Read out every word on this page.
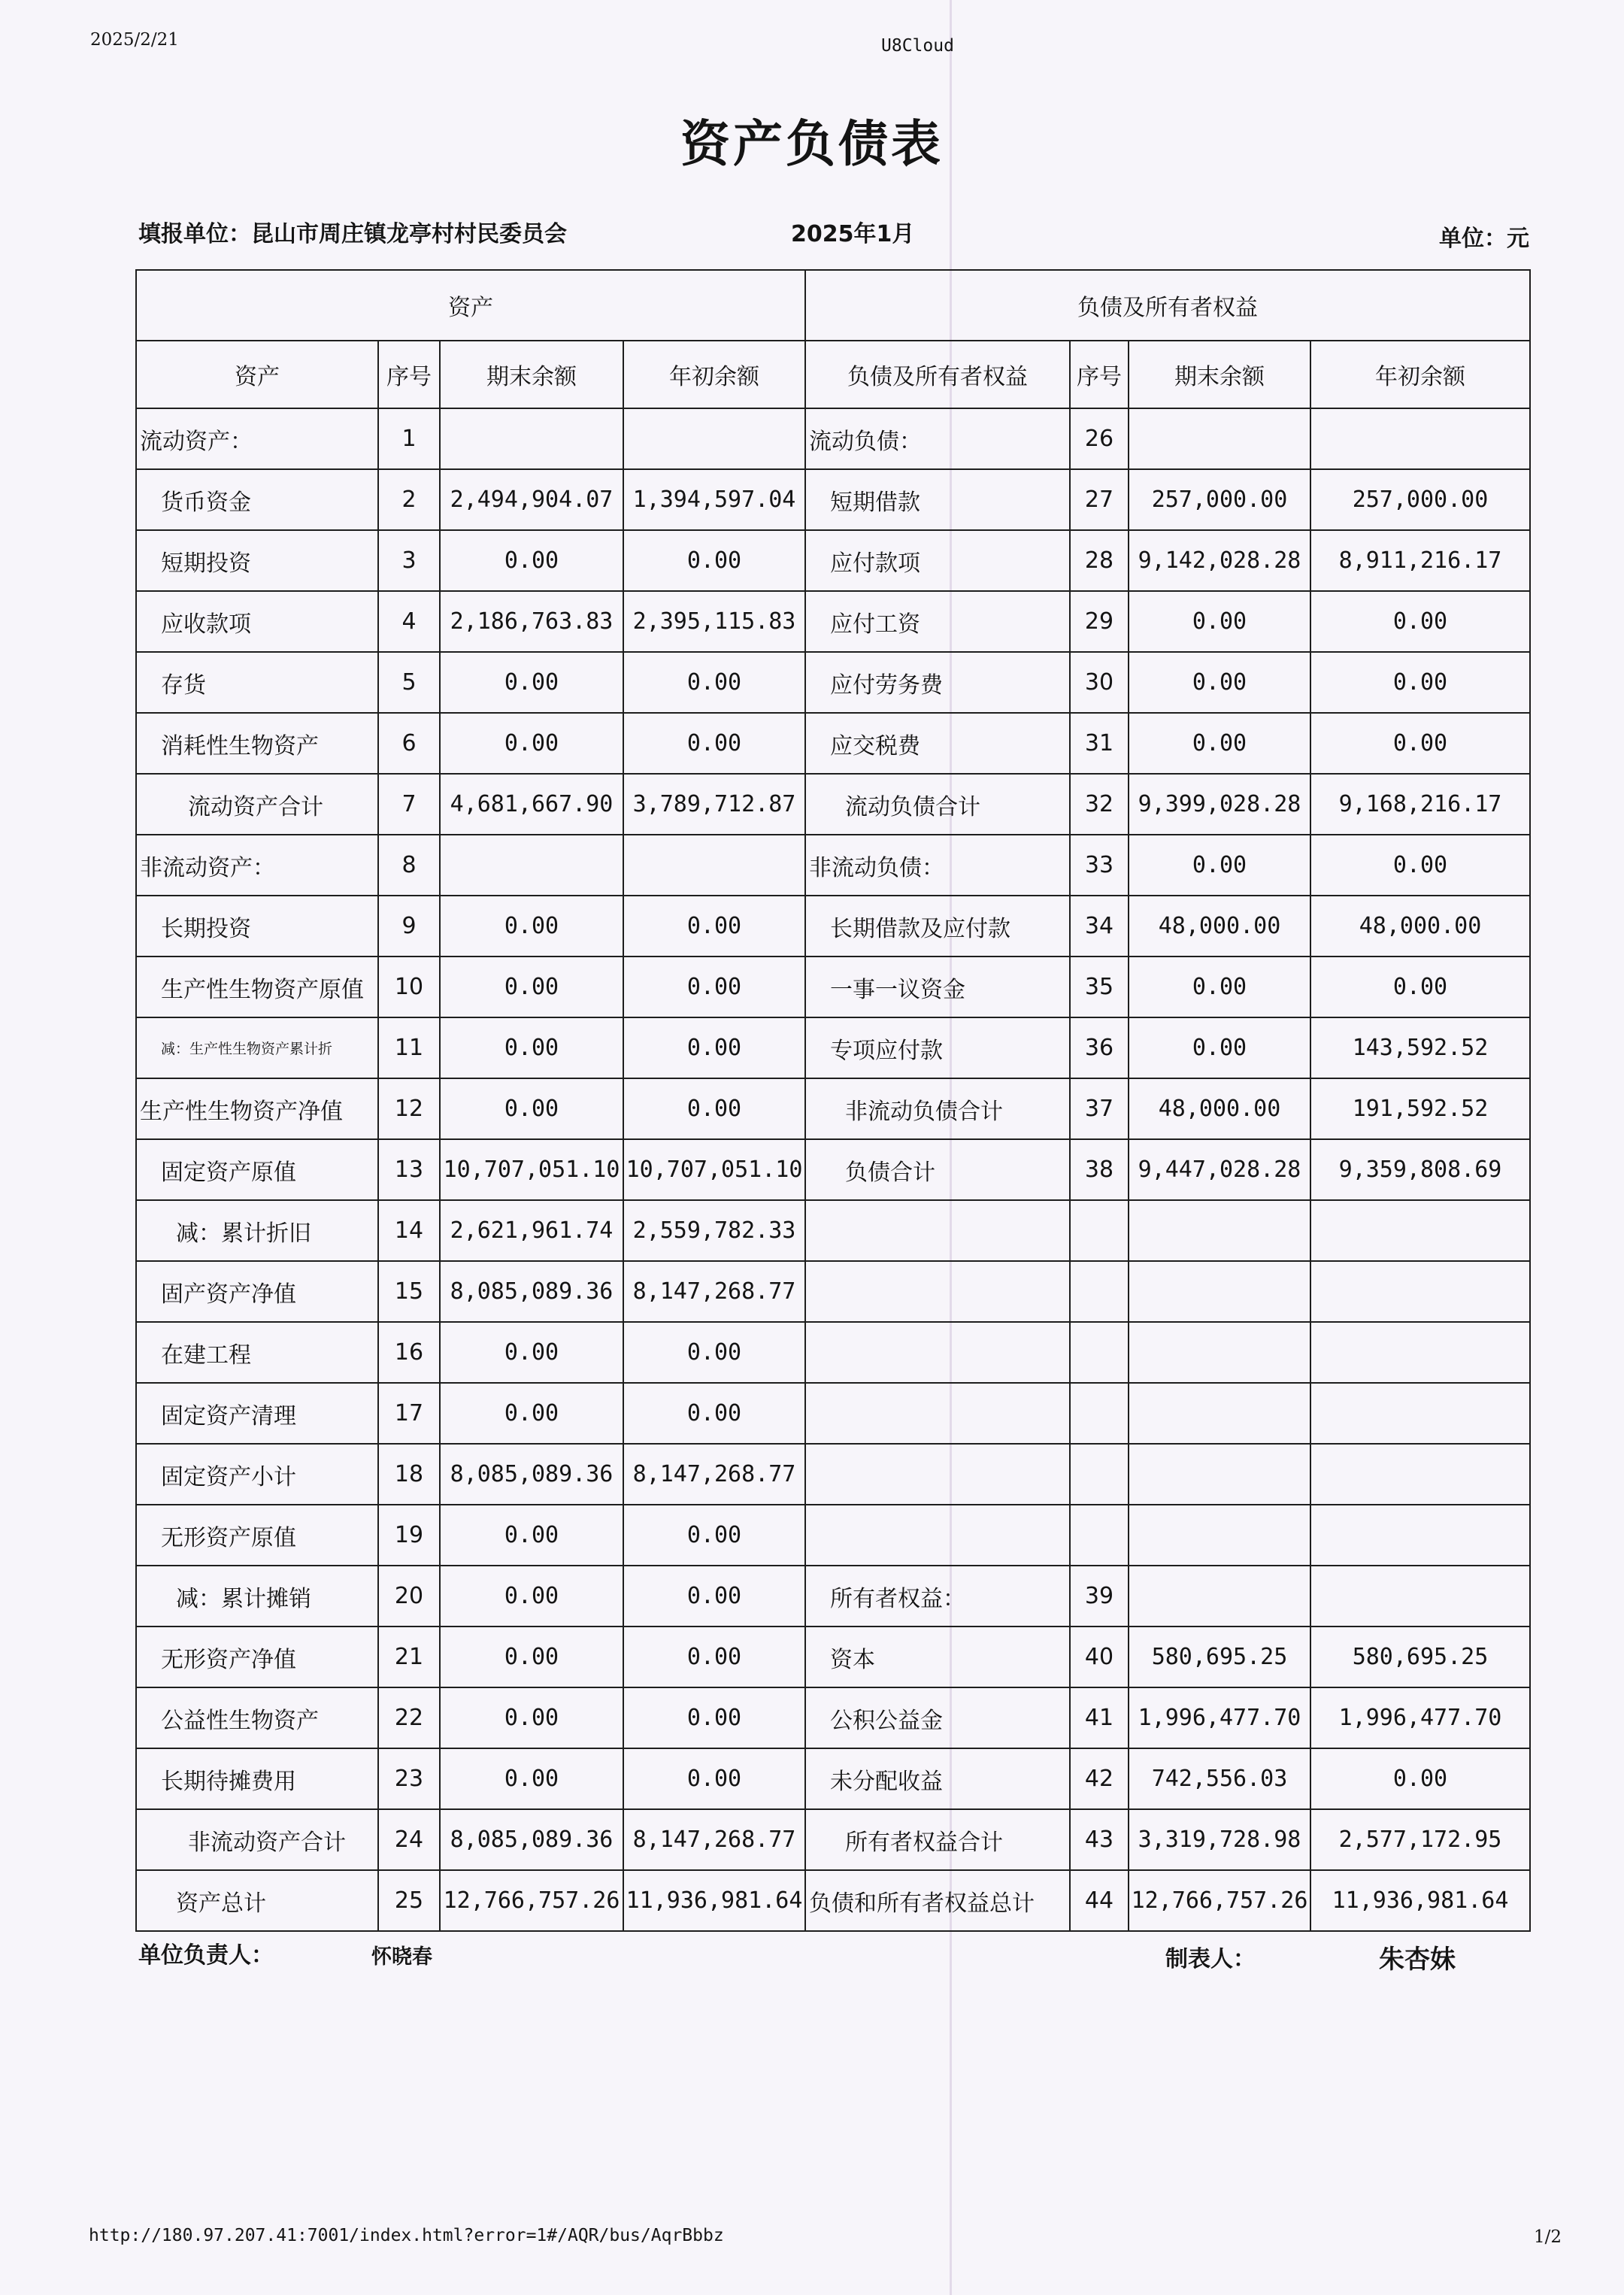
2025/2/21	U8Cloud
资产负债表
填报单位：昆山市周庄镇龙亭村村民委员会	2025年1月	单位：元
资产				负债及所有者权益			
资产	序号	期末余额	年初余额	负债及所有者权益	序号	期末余额	年初余额
流动资产：	1			流动负债：	26		
货币资金	2	2,494,904.07	1,394,597.04	短期借款	27	257,000.00	257,000.00
短期投资	3	0.00	0.00	应付款项	28	9,142,028.28	8,911,216.17
应收款项	4	2,186,763.83	2,395,115.83	应付工资	29	0.00	0.00
存货	5	0.00	0.00	应付劳务费	30	0.00	0.00
消耗性生物资产	6	0.00	0.00	应交税费	31	0.00	0.00
流动资产合计	7	4,681,667.90	3,789,712.87	流动负债合计	32	9,399,028.28	9,168,216.17
非流动资产：	8			非流动负债：	33	0.00	0.00
长期投资	9	0.00	0.00	长期借款及应付款	34	48,000.00	48,000.00
生产性生物资产原值	10	0.00	0.00	一事一议资金	35	0.00	0.00
减：生产性生物资产累计折	11	0.00	0.00	专项应付款	36	0.00	143,592.52
生产性生物资产净值	12	0.00	0.00	非流动负债合计	37	48,000.00	191,592.52
固定资产原值	13	10,707,051.10	10,707,051.10	负债合计	38	9,447,028.28	9,359,808.69
减：累计折旧	14	2,621,961.74	2,559,782.33				
固产资产净值	15	8,085,089.36	8,147,268.77				
在建工程	16	0.00	0.00				
固定资产清理	17	0.00	0.00				
固定资产小计	18	8,085,089.36	8,147,268.77				
无形资产原值	19	0.00	0.00				
减：累计摊销	20	0.00	0.00	所有者权益：	39		
无形资产净值	21	0.00	0.00	资本	40	580,695.25	580,695.25
公益性生物资产	22	0.00	0.00	公积公益金	41	1,996,477.70	1,996,477.70
长期待摊费用	23	0.00	0.00	未分配收益	42	742,556.03	0.00
非流动资产合计	24	8,085,089.36	8,147,268.77	所有者权益合计	43	3,319,728.98	2,577,172.95
资产总计	25	12,766,757.26	11,936,981.64	负债和所有者权益总计	44	12,766,757.26	11,936,981.64
单位负责人：	怀晓春	制表人：	朱杏妹
http://180.97.207.41:7001/index.html?error=1#/AQR/bus/AqrBbbz	1/2
